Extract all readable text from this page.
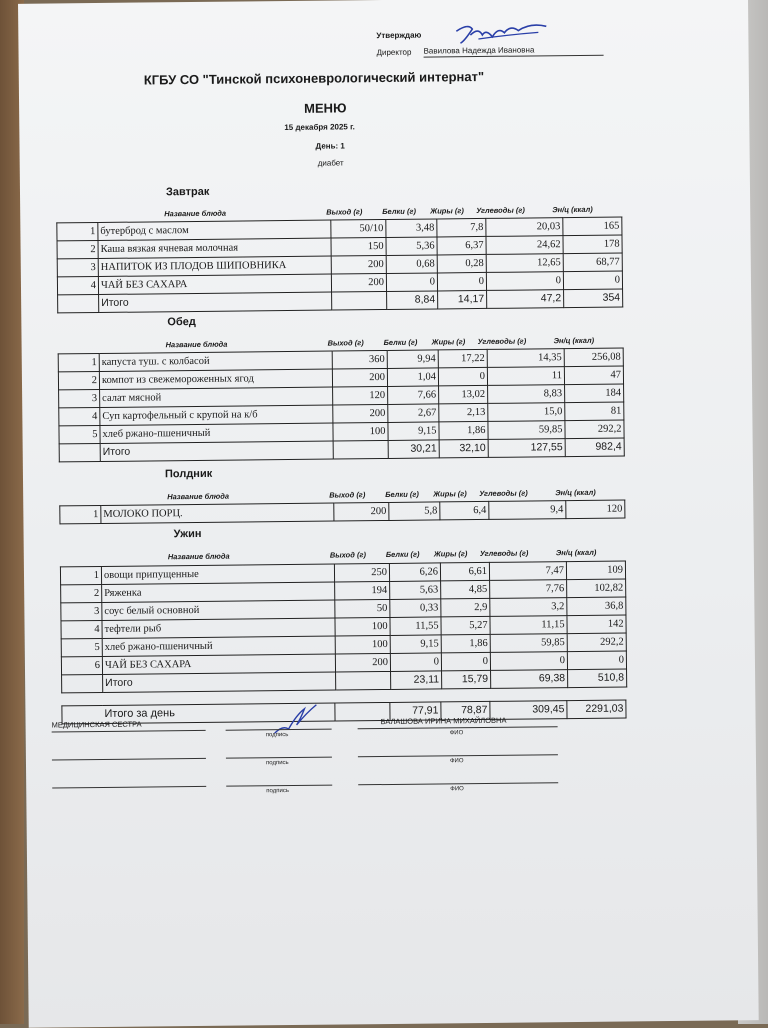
Утверждаю
Директор Вавилова Надежда Ивановна
КГБУ СО "Тинской психоневрологический интернат"
МЕНЮ
15 декабря 2025 г.
День: 1
диабет
Завтрак
Название блюда	Выход (г)	Белки (г) Жиры (г) Углеводы (г)	Эн/ц (ккал)
1	бутерброд с маслом	50/10	3,48	7,8	20,03	165
2	Каша вязкая ячневая молочная	150	5,36	6,37	24,62	178
3	НАПИТОК ИЗ ПЛОДОВ ШИПОВНИКА	200	0,68	0,28	12,65	68,77
4	ЧАЙ БЕЗ САХАРА	200	0	0	0	0
	Итого		8,84	14,17	47,2	354
Обед
Название блюда	Выход (г)	Белки (г) Жиры (г) Углеводы (г)	Эн/ц (ккал)
1	капуста туш. с колбасой	360	9,94	17,22	14,35	256,08
2	компот из свежемороженных ягод	200	1,04	0	11	47
3	салат мясной	120	7,66	13,02	8,83	184
4	Суп картофельный с крупой на к/б	200	2,67	2,13	15,0	81
5	хлеб ржано-пшеничный	100	9,15	1,86	59,85	292,2
	Итого		30,21	32,10	127,55	982,4
Полдник
Название блюда	Выход (г)	Белки (г) Жиры (г) Углеводы (г)	Эн/ц (ккал)
1	МОЛОКО ПОРЦ.	200	5,8	6,4	9,4	120
Ужин
Название блюда	Выход (г)	Белки (г) Жиры (г) Углеводы (г)	Эн/ц (ккал)
1	овощи припущенные	250	6,26	6,61	7,47	109
2	Ряженка	194	5,63	4,85	7,76	102,82
3	соус белый основной	50	0,33	2,9	3,2	36,8
4	тефтели рыб	100	11,55	5,27	11,15	142
5	хлеб ржано-пшеничный	100	9,15	1,86	59,85	292,2
6	ЧАЙ БЕЗ САХАРА	200	0	0	0	0
	Итого		23,11	15,79	69,38	510,8
	Итого за день		77,91	78,87	309,45	2291,03
МЕДИЦИНСКАЯ СЕСТРА
подпись
БАЛАШОВА ИРИНА МИХАЙЛОВНА
ФИО
подпись	ФИО
подпись	ФИО
